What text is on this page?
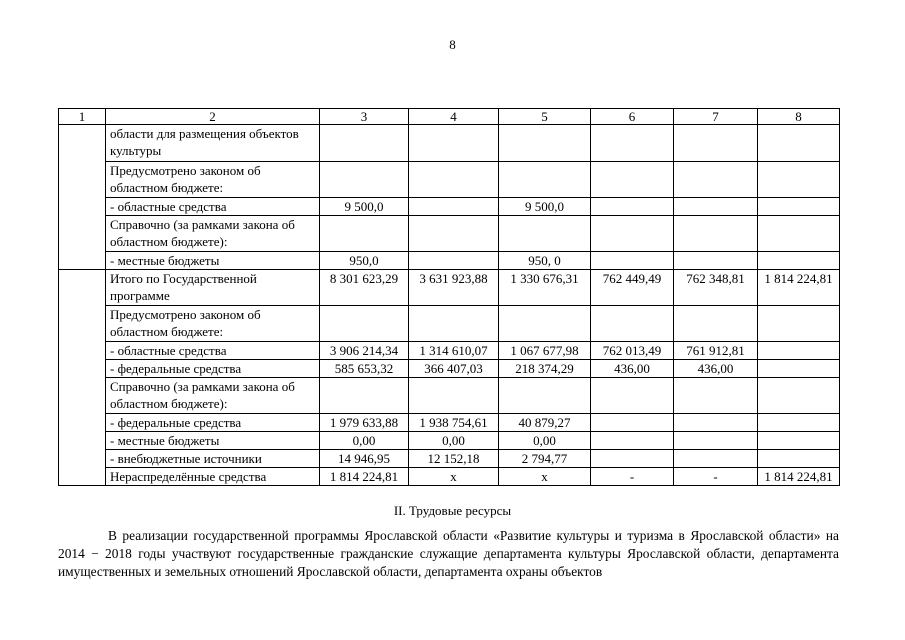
8
1	2	3	4	5	6	7	8
	области для размещения объектов культуры						
	Предусмотрено законом об областном бюджете:						
	- областные средства	9 500,0		9 500,0			
	Справочно (за рамками закона об областном бюджете):						
	- местные бюджеты	950,0		950, 0			
	Итого по Государственной программе	8 301 623,29	3 631 923,88	1 330 676,31	762 449,49	762 348,81	1 814 224,81
	Предусмотрено законом об областном бюджете:						
	- областные средства	3 906 214,34	1 314 610,07	1 067 677,98	762 013,49	761 912,81	
	- федеральные средства	585 653,32	366 407,03	218 374,29	436,00	436,00	
	Справочно (за рамками закона об областном бюджете):						
	- федеральные средства	1 979 633,88	1 938 754,61	40 879,27			
	- местные бюджеты	0,00	0,00	0,00			
	- внебюджетные источники	14 946,95	12 152,18	2 794,77			
	Нераспределённые средства	1 814 224,81	х	х	-	-	1 814 224,81
II. Трудовые ресурсы
В реализации государственной программы Ярославской области «Развитие культуры и туризма в Ярославской области» на 2014 − 2018 годы участвуют государственные гражданские служащие департамента культуры Ярославской области, департамента имущественных и земельных отношений Ярославской области, департамента охраны объектов
